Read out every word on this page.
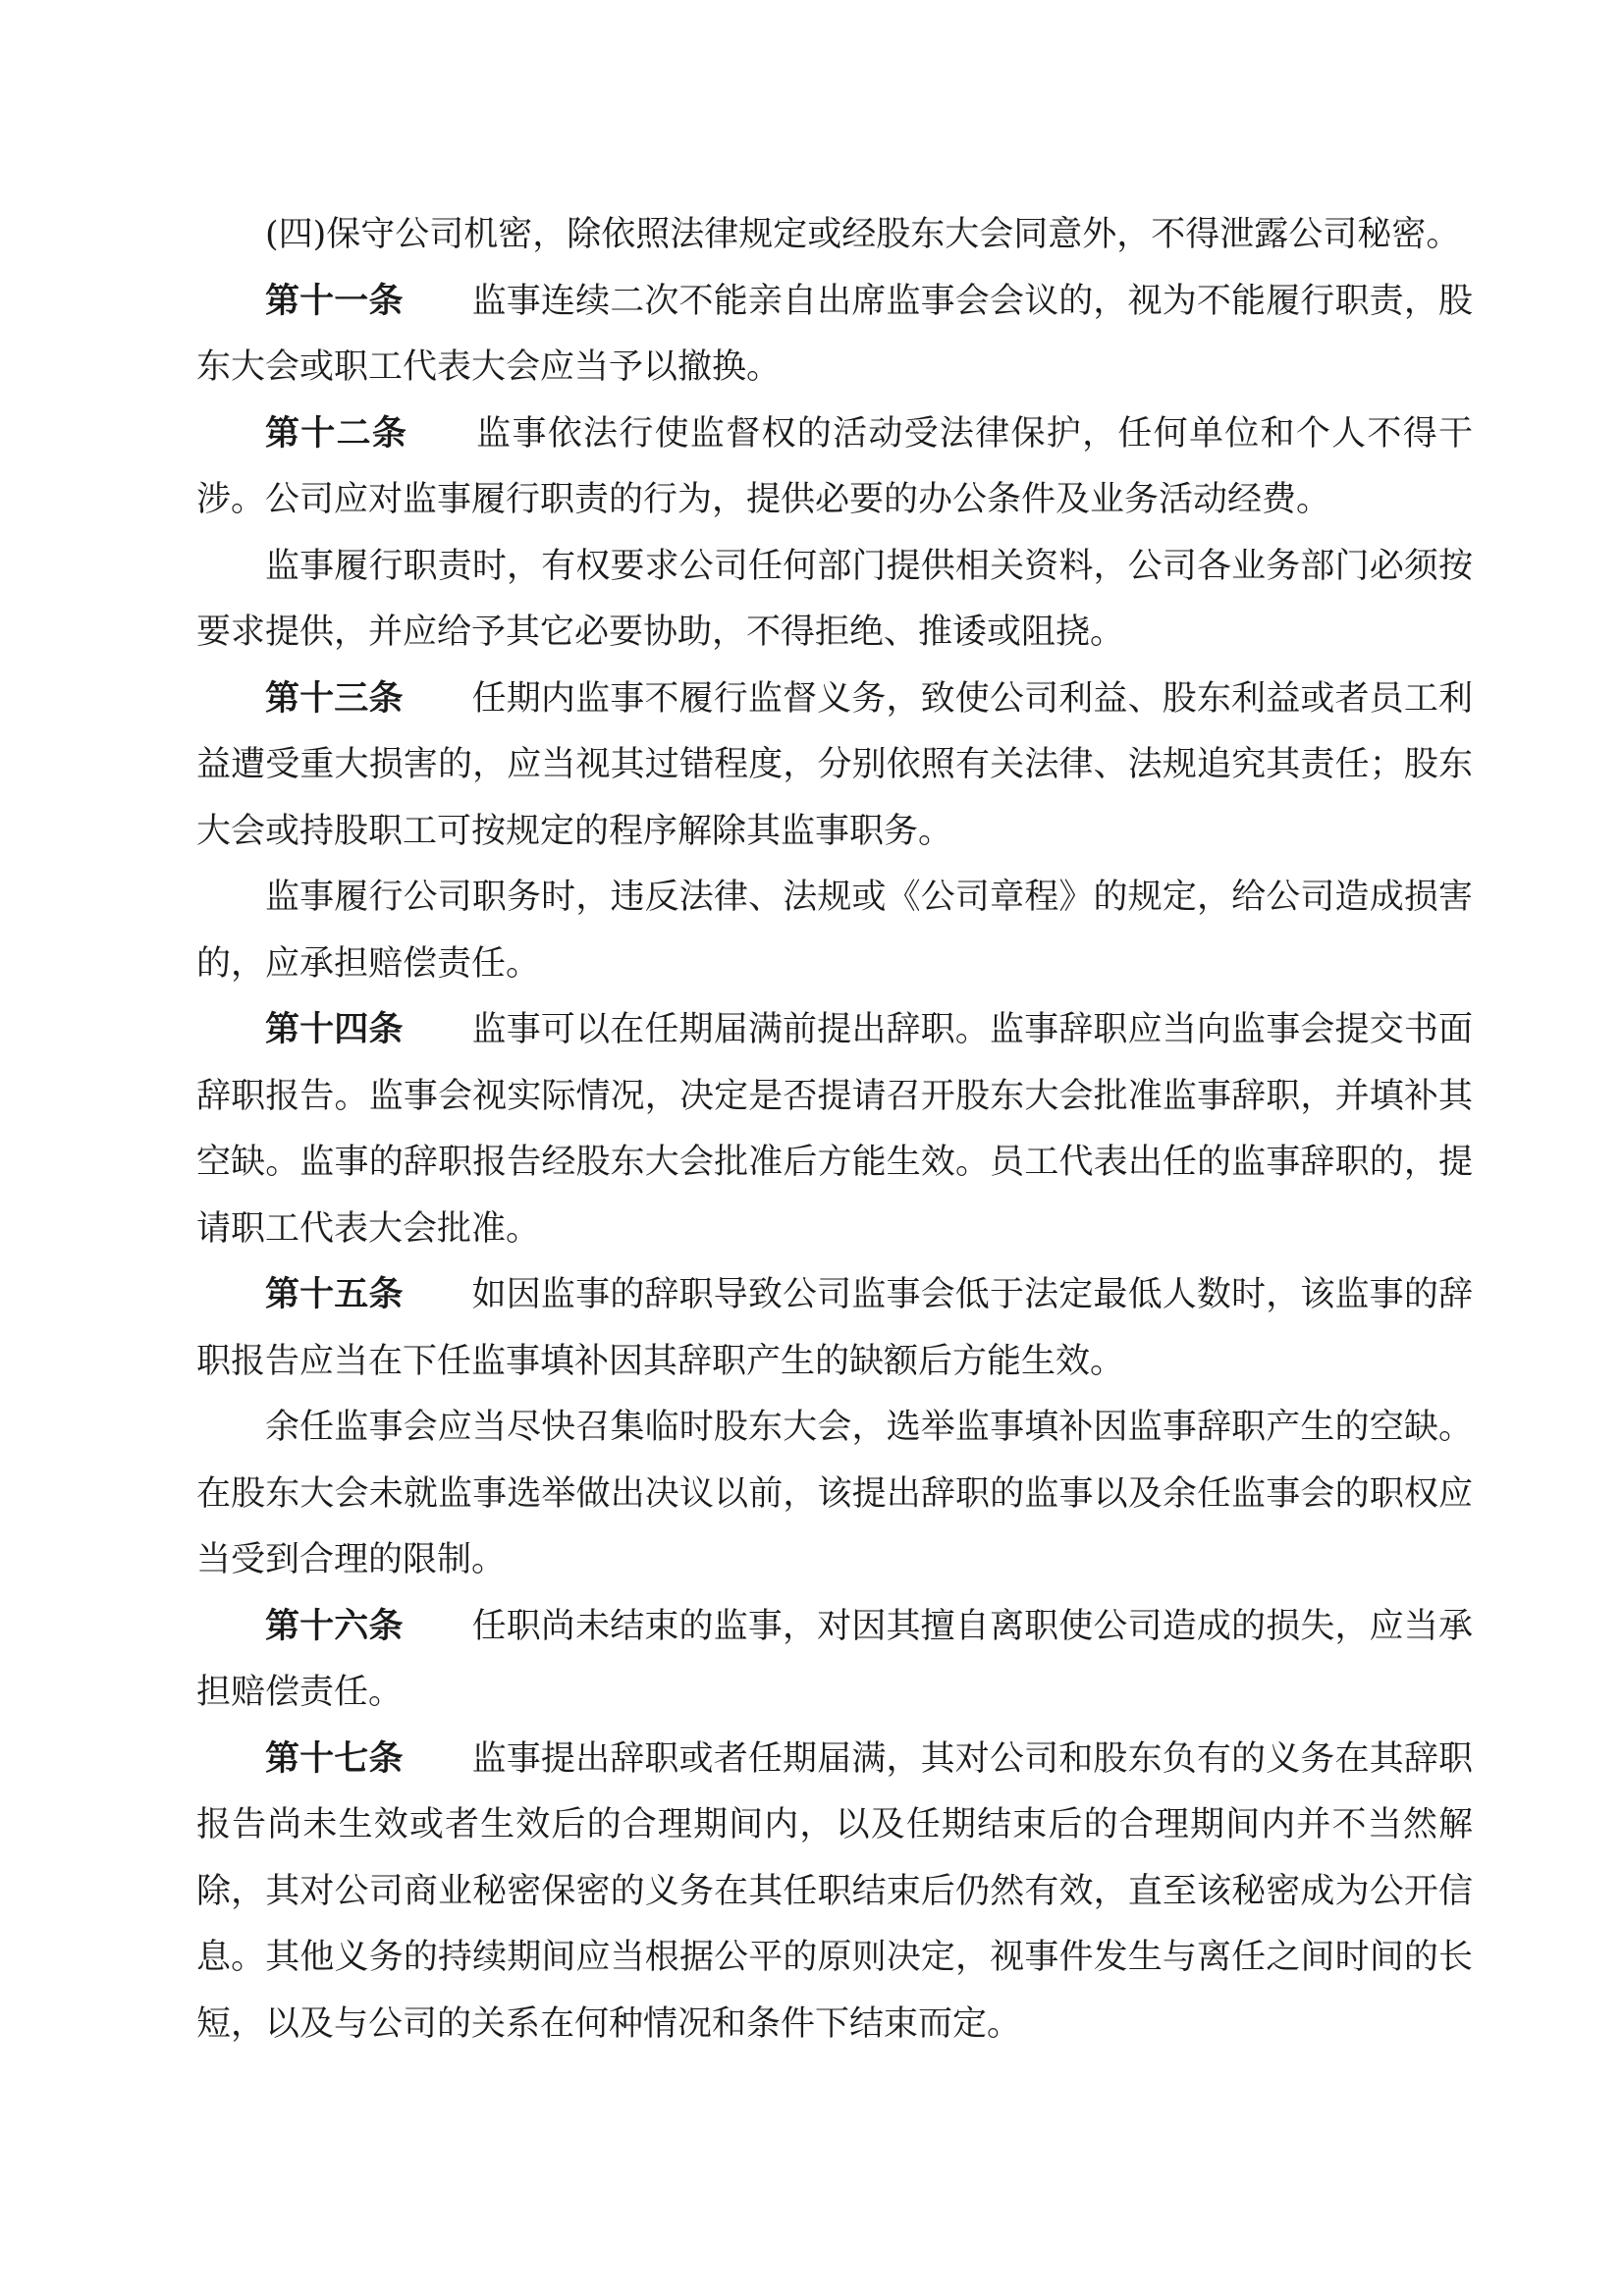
(四)保守公司机密，除依照法律规定或经股东大会同意外，不得泄露公司秘密。

第十一条 监事连续二次不能亲自出席监事会会议的，视为不能履行职责，股东大会或职工代表大会应当予以撤换。

第十二条 监事依法行使监督权的活动受法律保护，任何单位和个人不得干涉。公司应对监事履行职责的行为，提供必要的办公条件及业务活动经费。

监事履行职责时，有权要求公司任何部门提供相关资料，公司各业务部门必须按要求提供，并应给予其它必要协助，不得拒绝、推诿或阻挠。

第十三条 任期内监事不履行监督义务，致使公司利益、股东利益或者员工利益遭受重大损害的，应当视其过错程度，分别依照有关法律、法规追究其责任；股东大会或持股职工可按规定的程序解除其监事职务。

监事履行公司职务时，违反法律、法规或《公司章程》的规定，给公司造成损害的，应承担赔偿责任。

第十四条 监事可以在任期届满前提出辞职。监事辞职应当向监事会提交书面辞职报告。监事会视实际情况，决定是否提请召开股东大会批准监事辞职，并填补其空缺。监事的辞职报告经股东大会批准后方能生效。员工代表出任的监事辞职的，提请职工代表大会批准。

第十五条 如因监事的辞职导致公司监事会低于法定最低人数时，该监事的辞职报告应当在下任监事填补因其辞职产生的缺额后方能生效。

余任监事会应当尽快召集临时股东大会，选举监事填补因监事辞职产生的空缺。在股东大会未就监事选举做出决议以前，该提出辞职的监事以及余任监事会的职权应当受到合理的限制。

第十六条 任职尚未结束的监事，对因其擅自离职使公司造成的损失，应当承担赔偿责任。

第十七条 监事提出辞职或者任期届满，其对公司和股东负有的义务在其辞职报告尚未生效或者生效后的合理期间内，以及任期结束后的合理期间内并不当然解除，其对公司商业秘密保密的义务在其任职结束后仍然有效，直至该秘密成为公开信息。其他义务的持续期间应当根据公平的原则决定，视事件发生与离任之间时间的长短，以及与公司的关系在何种情况和条件下结束而定。
